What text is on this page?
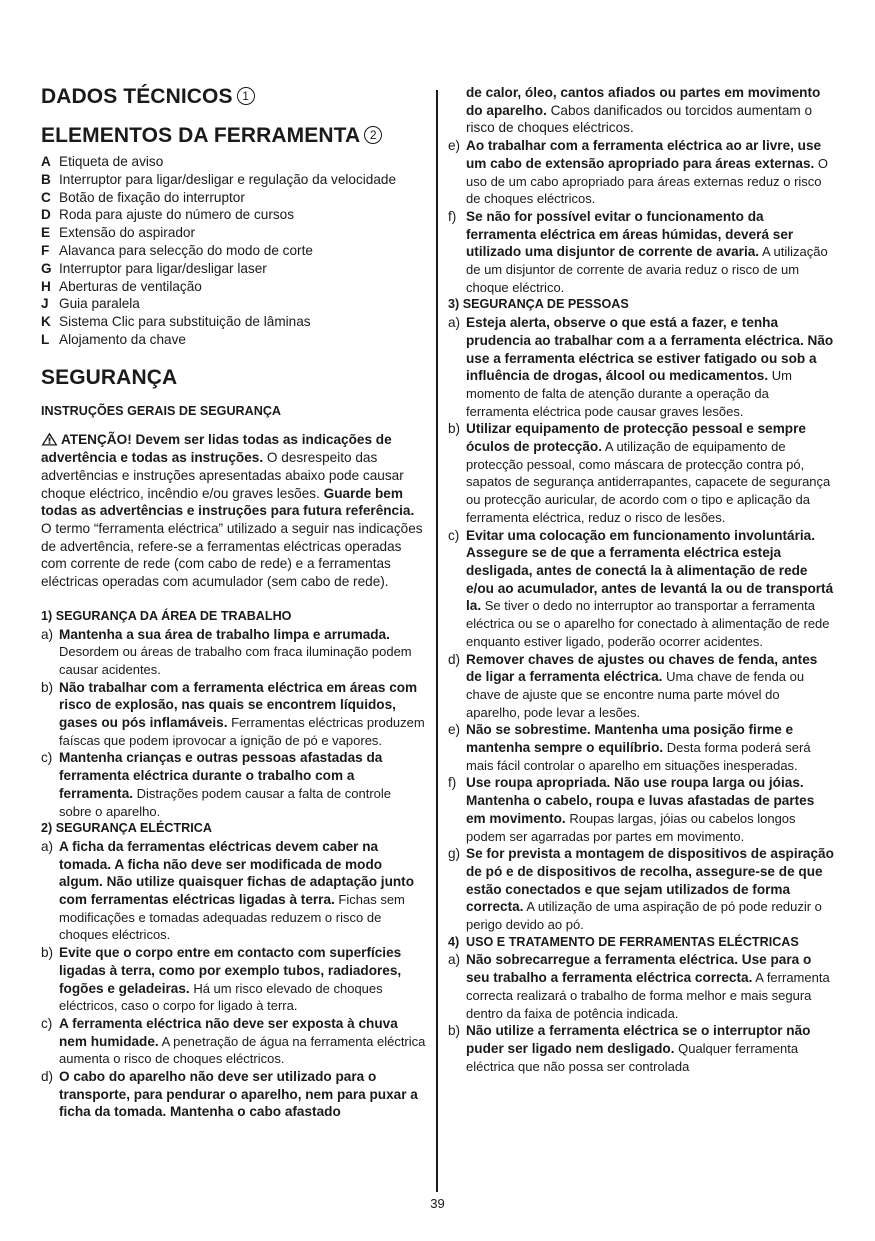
DADOS TÉCNICOS 1
ELEMENTOS DA FERRAMENTA 2
A Etiqueta de aviso
B Interruptor para ligar/desligar e regulação da velocidade
C Botão de fixação do interruptor
D Roda para ajuste do número de cursos
E Extensão do aspirador
F Alavanca para selecção do modo de corte
G Interruptor para ligar/desligar laser
H Aberturas de ventilação
J Guia paralela
K Sistema Clic para substituição de lâminas
L Alojamento da chave
SEGURANÇA
INSTRUÇÕES GERAIS DE SEGURANÇA
ATENÇÃO! Devem ser lidas todas as indicações de advertência e todas as instruções. O desrespeito das advertências e instruções apresentadas abaixo pode causar choque eléctrico, incêndio e/ou graves lesões. Guarde bem todas as advertências e instruções para futura referência. O termo “ferramenta eléctrica” utilizado a seguir nas indicações de advertência, refere-se a ferramentas eléctricas operadas com corrente de rede (com cabo de rede) e a ferramentas eléctricas operadas com acumulador (sem cabo de rede).
1) SEGURANÇA DA ÁREA DE TRABALHO
a) Mantenha a sua área de trabalho limpa e arrumada. Desordem ou áreas de trabalho com fraca iluminação podem causar acidentes.
b) Não trabalhar com a ferramenta eléctrica em áreas com risco de explosão, nas quais se encontrem líquidos, gases ou pós inflamáveis. Ferramentas eléctricas produzem faíscas que podem iprovocar a ignição de pó e vapores.
c) Mantenha crianças e outras pessoas afastadas da ferramenta eléctrica durante o trabalho com a ferramenta. Distrações podem causar a falta de controle sobre o aparelho.
2) SEGURANÇA ELÉCTRICA
a) A ficha da ferramentas eléctricas devem caber na tomada. A ficha não deve ser modificada de modo algum. Não utilize quaisquer fichas de adaptação junto com ferramentas eléctricas ligadas à terra. Fichas sem modificações e tomadas adequadas reduzem o risco de choques eléctricos.
b) Evite que o corpo entre em contacto com superfícies ligadas à terra, como por exemplo tubos, radiadores, fogões e geladeiras. Há um risco elevado de choques eléctricos, caso o corpo for ligado à terra.
c) A ferramenta eléctrica não deve ser exposta à chuva nem humidade. A penetração de água na ferramenta eléctrica aumenta o risco de choques eléctricos.
d) O cabo do aparelho não deve ser utilizado para o transporte, para pendurar o aparelho, nem para puxar a ficha da tomada. Mantenha o cabo afastado
de calor, óleo, cantos afiados ou partes em movimento do aparelho. Cabos danificados ou torcidos aumentam o risco de choques eléctricos.
e) Ao trabalhar com a ferramenta eléctrica ao ar livre, use um cabo de extensão apropriado para áreas externas. O uso de um cabo apropriado para áreas externas reduz o risco de choques eléctricos.
f) Se não for possível evitar o funcionamento da ferramenta eléctrica em áreas húmidas, deverá ser utilizado uma disjuntor de corrente de avaria. A utilização de um disjuntor de corrente de avaria reduz o risco de um choque eléctrico.
3) SEGURANÇA DE PESSOAS
a) Esteja alerta, observe o que está a fazer, e tenha prudencia ao trabalhar com a a ferramenta eléctrica. Não use a ferramenta eléctrica se estiver fatigado ou sob a influência de drogas, álcool ou medicamentos. Um momento de falta de atenção durante a operação da ferramenta eléctrica pode causar graves lesões.
b) Utilizar equipamento de protecção pessoal e sempre óculos de protecção. A utilização de equipamento de protecção pessoal, como máscara de protecção contra pó, sapatos de segurança antiderrapantes, capacete de segurança ou protecção auricular, de acordo com o tipo e aplicação da ferramenta eléctrica, reduz o risco de lesões.
c) Evitar uma colocação em funcionamento involuntária. Assegure se de que a ferramenta eléctrica esteja desligada, antes de conectá la à alimentação de rede e/ou ao acumulador, antes de levantá la ou de transportá la. Se tiver o dedo no interruptor ao transportar a ferramenta eléctrica ou se o aparelho for conectado à alimentação de rede enquanto estiver ligado, poderão ocorrer acidentes.
d) Remover chaves de ajustes ou chaves de fenda, antes de ligar a ferramenta eléctrica. Uma chave de fenda ou chave de ajuste que se encontre numa parte móvel do aparelho, pode levar a lesões.
e) Não se sobrestime. Mantenha uma posição firme e mantenha sempre o equilíbrio. Desta forma poderá será mais fácil controlar o aparelho em situações inesperadas.
f) Use roupa apropriada. Não use roupa larga ou jóias. Mantenha o cabelo, roupa e luvas afastadas de partes em movimento. Roupas largas, jóias ou cabelos longos podem ser agarradas por partes em movimento.
g) Se for prevista a montagem de dispositivos de aspiração de pó e de dispositivos de recolha, assegure-se de que estão conectados e que sejam utilizados de forma correcta. A utilização de uma aspiração de pó pode reduzir o perigo devido ao pó.
4) USO E TRATAMENTO DE FERRAMENTAS ELÉCTRICAS
a) Não sobrecarregue a ferramenta eléctrica. Use para o seu trabalho a ferramenta eléctrica correcta. A ferramenta correcta realizará o trabalho de forma melhor e mais segura dentro da faixa de potência indicada.
b) Não utilize a ferramenta eléctrica se o interruptor não puder ser ligado nem desligado. Qualquer ferramenta eléctrica que não possa ser controlada
39
